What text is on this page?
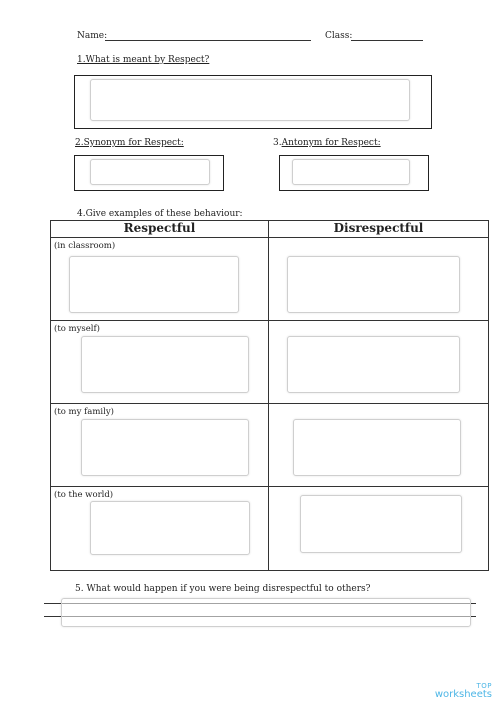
Name:	Class:
1.What is meant by Respect?
2.Synonym for Respect:	3.Antonym for Respect:
4.Give examples of these behaviour:
Respectful	Disrespectful

(in classroom)	

(to myself)	

(to my family)	

(to the world)	

5. What would happen if you were being disrespectful to others?
TOP
worksheets
